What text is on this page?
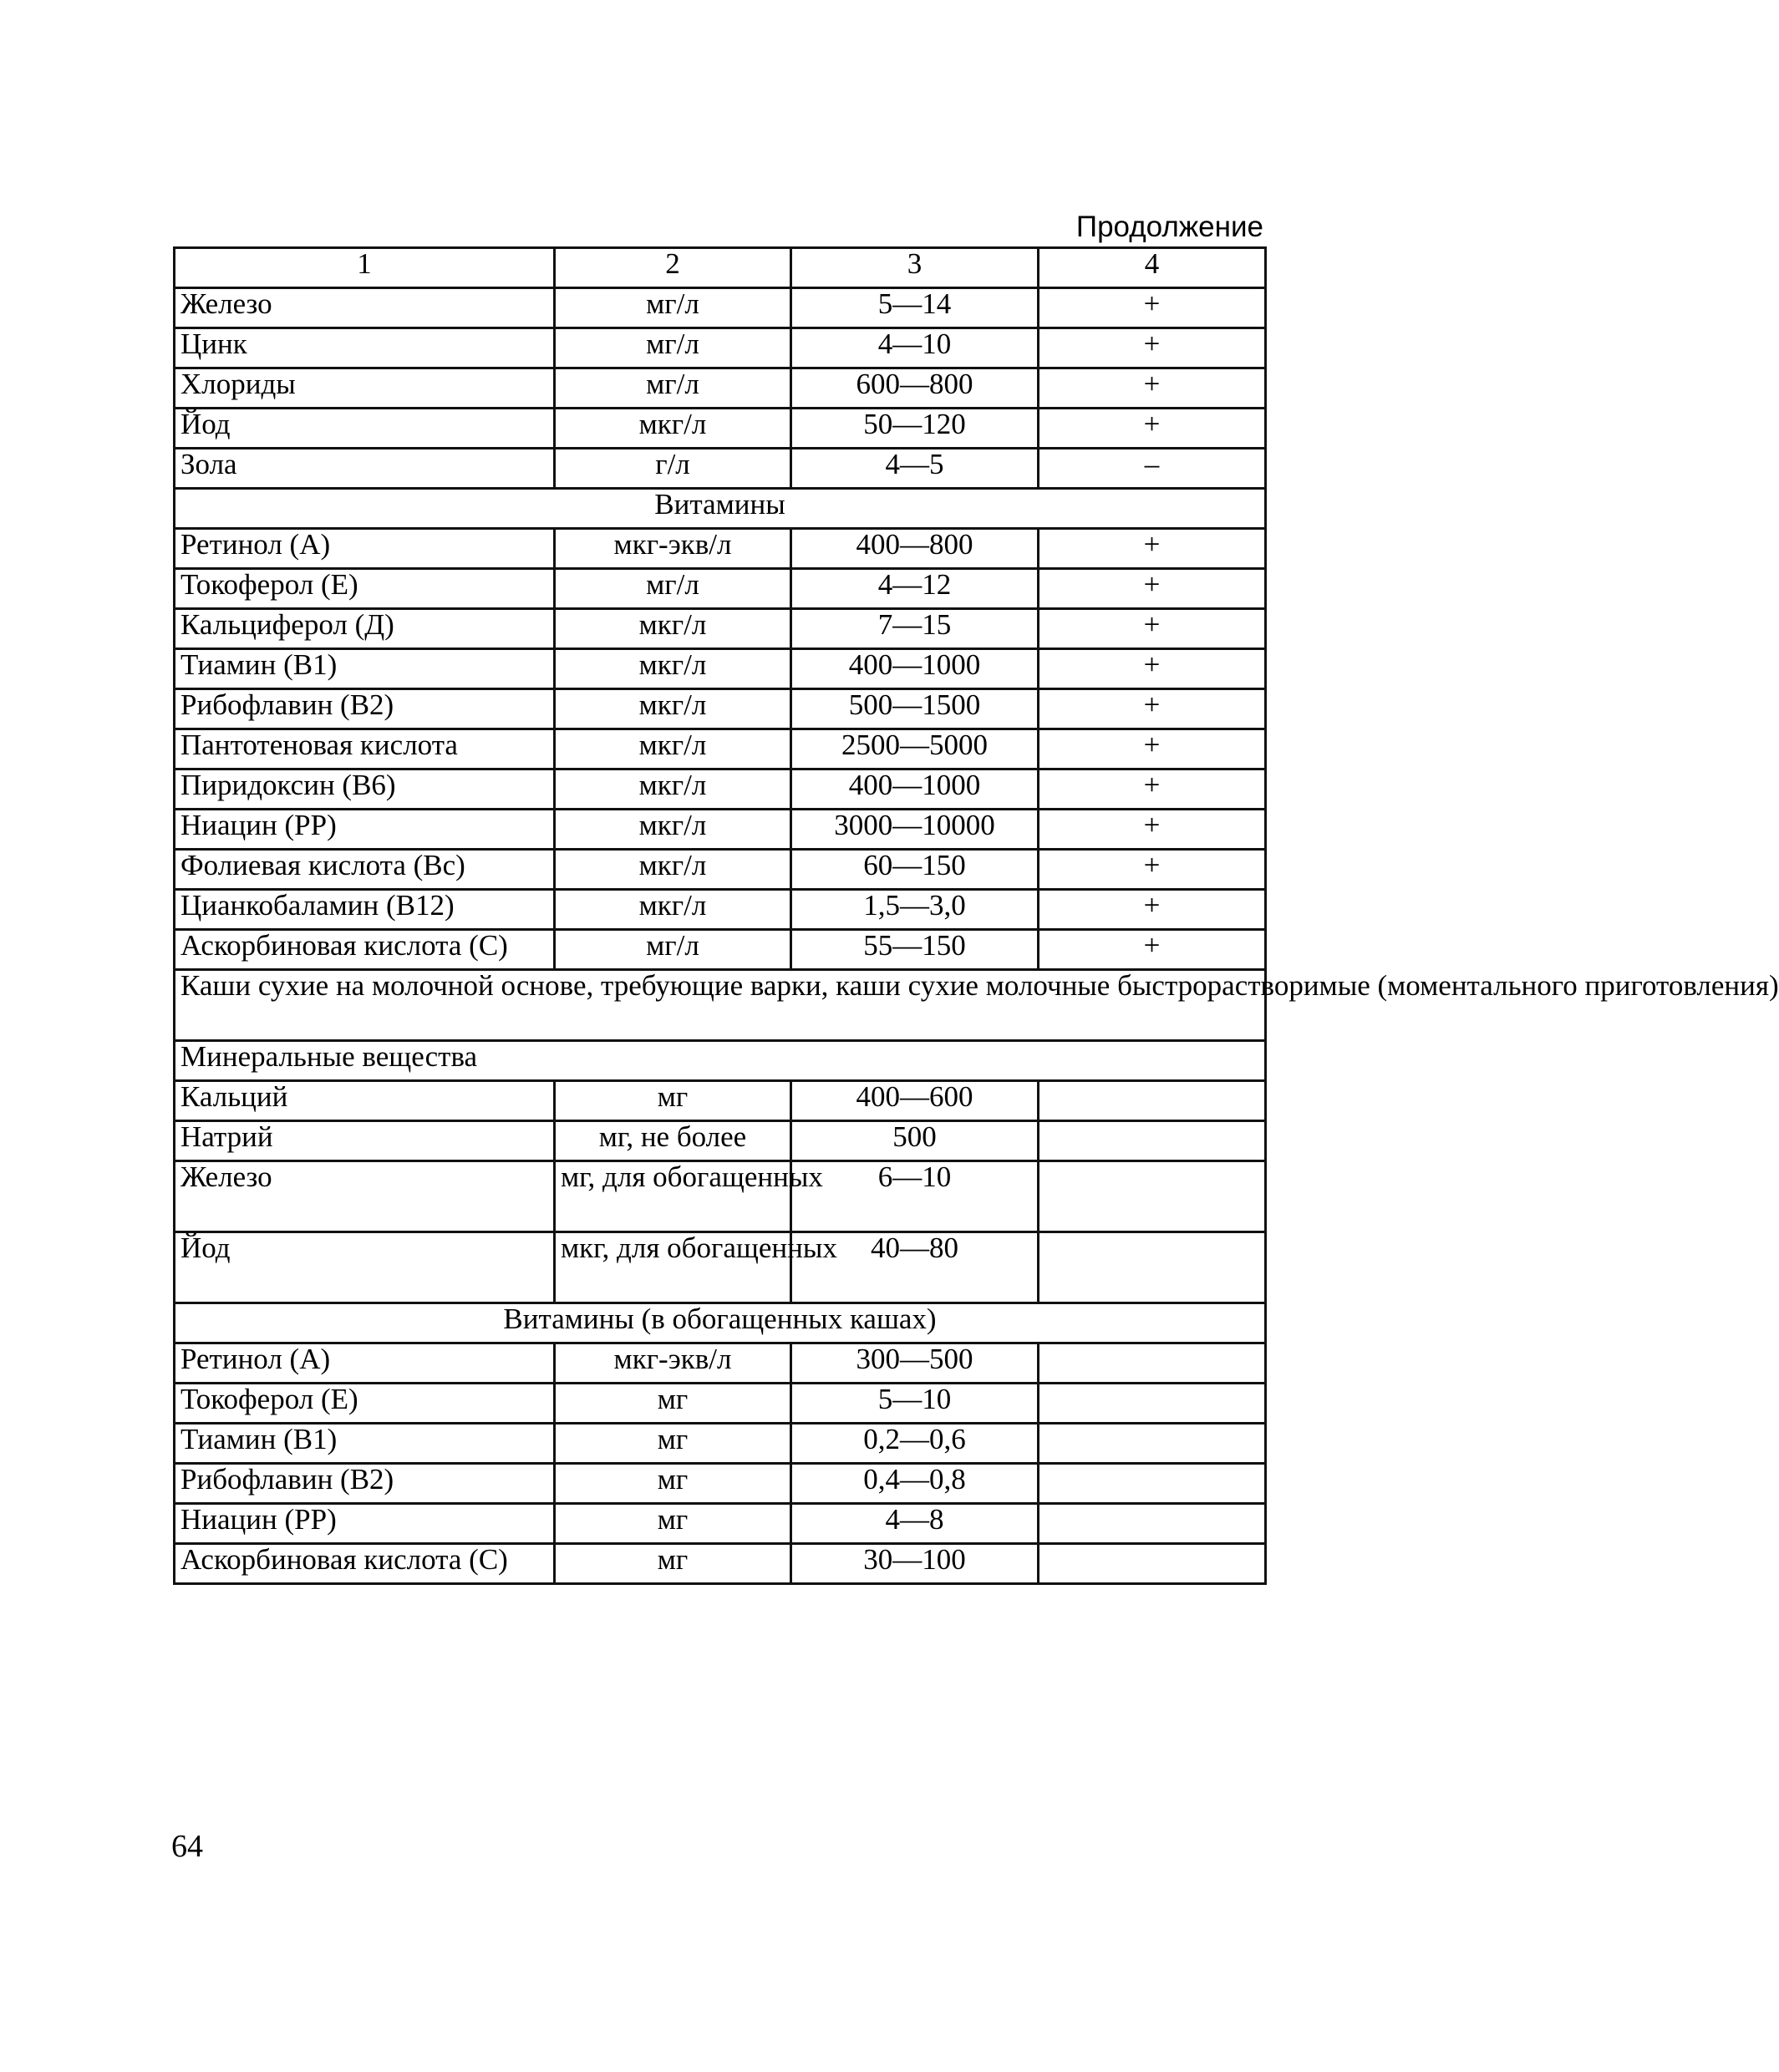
Продолжение
1	2	3	4
Железо	мг/л	5—14	+
Цинк	мг/л	4—10	+
Хлориды	мг/л	600—800	+
Йод	мкг/л	50—120	+
Зола	г/л	4—5	–
Витамины			
Ретинол (А)	мкг-экв/л	400—800	+
Токоферол (Е)	мг/л	4—12	+
Кальциферол (Д)	мкг/л	7—15	+
Тиамин (В1)	мкг/л	400—1000	+
Рибофлавин (В2)	мкг/л	500—1500	+
Пантотеновая кислота	мкг/л	2500—5000	+
Пиридоксин (В6)	мкг/л	400—1000	+
Ниацин (РР)	мкг/л	3000—10000	+
Фолиевая кислота (Вс)	мкг/л	60—150	+
Цианкобаламин (В12)	мкг/л	1,5—3,0	+
Аскорбиновая кислота (С)	мг/л	55—150	+
Каши сухие на молочной основе, требующие варки, каши сухие молочные быстрорастворимые (моментального приготовления)			
Минеральные вещества			
Кальций	мг	400—600	
Натрий	мг, не более	500	
Железо	мг, для обогащенных	6—10	
Йод	мкг, для обогащенных	40—80	
Витамины (в обогащенных кашах)			
Ретинол (А)	мкг-экв/л	300—500	
Токоферол (Е)	мг	5—10	
Тиамин (В1)	мг	0,2—0,6	
Рибофлавин (В2)	мг	0,4—0,8	
Ниацин (РР)	мг	4—8	
Аскорбиновая кислота (С)	мг	30—100	
64
